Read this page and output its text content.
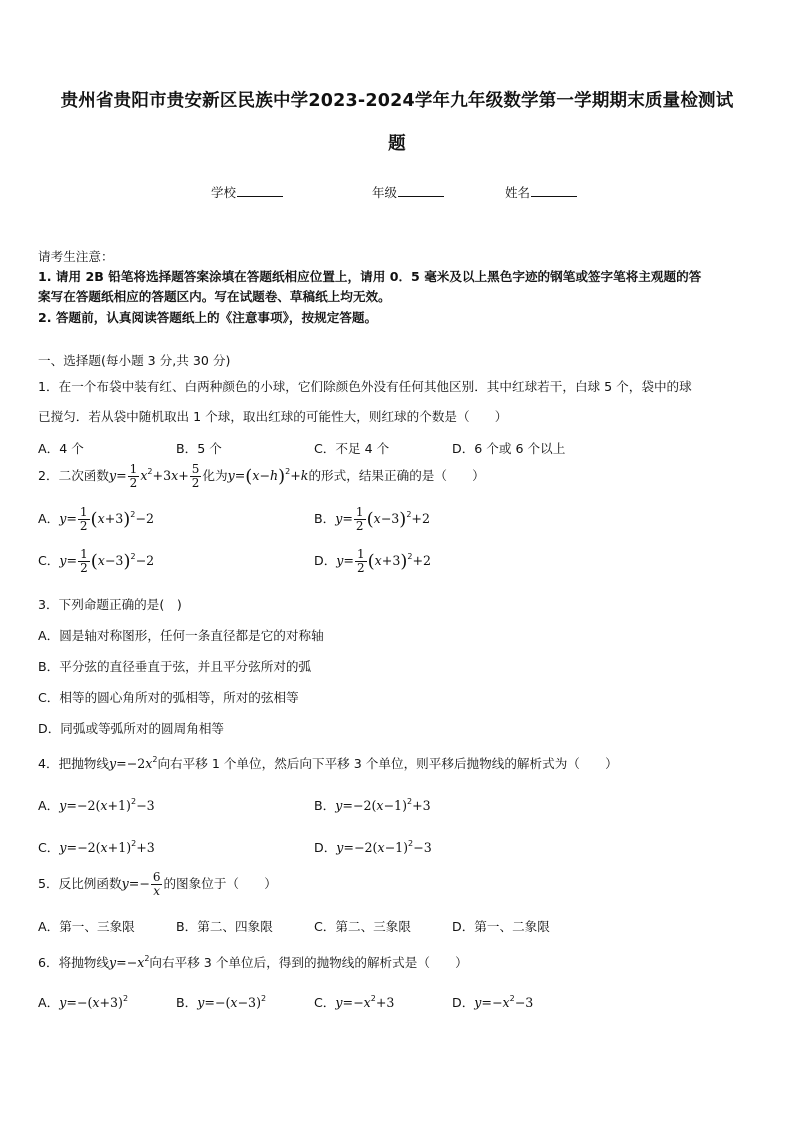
贵州省贵阳市贵安新区民族中学2023-2024学年九年级数学第一学期期末质量检测试
题
学校	年级	姓名
请考生注意：
1. 请用 2B 铅笔将选择题答案涂填在答题纸相应位置上，请用 0．5 毫米及以上黑色字迹的钢笔或签字笔将主观题的答
案写在答题纸相应的答题区内。写在试题卷、草稿纸上均无效。
2. 答题前，认真阅读答题纸上的《注意事项》，按规定答题。
一、选择题(每小题 3 分,共 30 分)
1．在一个布袋中装有红、白两种颜色的小球，它们除颜色外没有任何其他区别．其中红球若干，白球 5 个，袋中的球
已搅匀．若从袋中随机取出 1 个球，取出红球的可能性大，则红球的个数是（　　）
A．4 个	B．5 个	C．不足 4 个	D．6 个或 6 个以上
2．二次函数$y= \frac{1}{2} x^2+3x+ \frac{5}{2}$ 化为$y=(x-h)^2+k$的形式，结果正确的是（　　）
A．$y= \frac{1}{2} (x+3)^2-2$	B．$y= \frac{1}{2} (x-3)^2+2$
C．$y= \frac{1}{2} (x-3)^2-2$	D．$y= \frac{1}{2} (x+3)^2+2$
3．下列命题正确的是(　)
A．圆是轴对称图形，任何一条直径都是它的对称轴
B．平分弦的直径垂直于弦，并且平分弦所对的弧
C．相等的圆心角所对的弧相等，所对的弦相等
D．同弧或等弧所对的圆周角相等
4．把抛物线$y=-2x^2$向右平移 1 个单位，然后向下平移 3 个单位，则平移后抛物线的解析式为（　　）
A．$y=-2(x+1)^2-3$	B．$y=-2(x-1)^2+3$
C．$y=-2(x+1)^2+3$	D．$y=-2(x-1)^2-3$
5．反比例函数$y=- \frac{6}{x}$ 的图象位于（　　）
A．第一、三象限	B．第二、四象限	C．第二、三象限	D．第一、二象限
6．将抛物线$y=-x^2$向右平移 3 个单位后，得到的抛物线的解析式是（　　）
A．$y=-(x+3)^2$	B．$y=-(x-3)^2$	C．$y=-x^2+3$	D．$y=-x^2-3$
